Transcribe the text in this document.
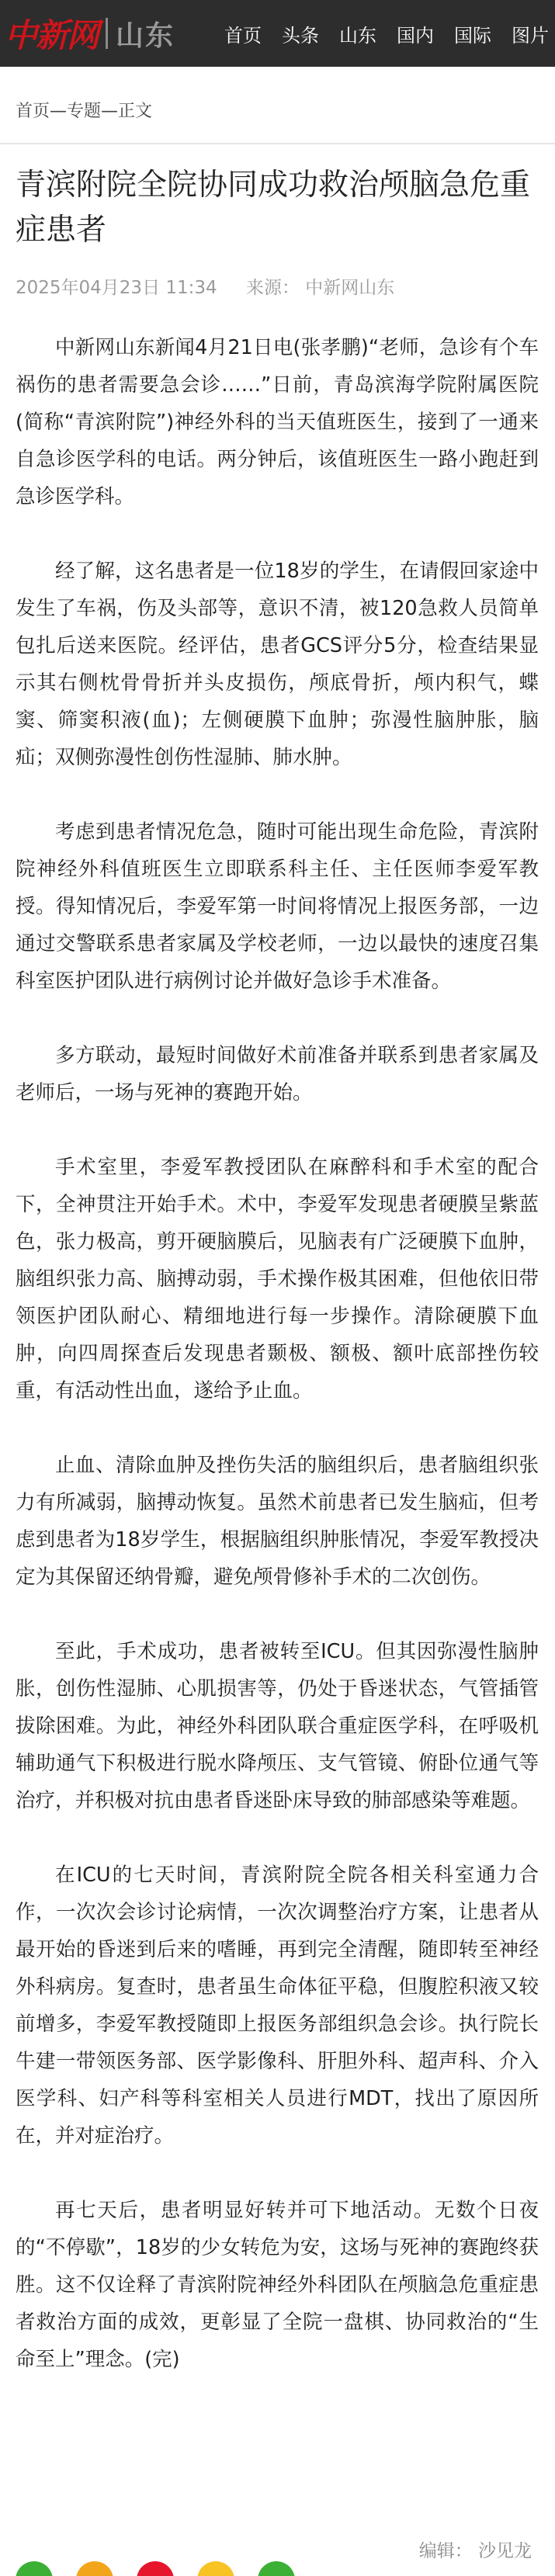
中新网 山东	首页 头条 山东 国内 国际 图片
首页—专题—正文
青滨附院全院协同成功救治颅脑急危重症患者
2025年04月23日 11:34 来源： 中新网山东

中新网山东新闻4月21日电(张孝鹏)“老师，急诊有个车祸伤的患者需要急会诊……”日前，青岛滨海学院附属医院(简称“青滨附院”)神经外科的当天值班医生，接到了一通来自急诊医学科的电话。两分钟后，该值班医生一路小跑赶到急诊医学科。

经了解，这名患者是一位18岁的学生，在请假回家途中发生了车祸，伤及头部等，意识不清，被120急救人员简单包扎后送来医院。经评估，患者GCS评分5分，检查结果显示其右侧枕骨骨折并头皮损伤，颅底骨折，颅内积气，蝶窦、筛窦积液(血)；左侧硬膜下血肿；弥漫性脑肿胀，脑疝；双侧弥漫性创伤性湿肺、肺水肿。

考虑到患者情况危急，随时可能出现生命危险，青滨附院神经外科值班医生立即联系科主任、主任医师李爱军教授。得知情况后，李爱军第一时间将情况上报医务部，一边通过交警联系患者家属及学校老师，一边以最快的速度召集科室医护团队进行病例讨论并做好急诊手术准备。

多方联动，最短时间做好术前准备并联系到患者家属及老师后，一场与死神的赛跑开始。

手术室里，李爱军教授团队在麻醉科和手术室的配合下，全神贯注开始手术。术中，李爱军发现患者硬膜呈紫蓝色，张力极高，剪开硬脑膜后，见脑表有广泛硬膜下血肿，脑组织张力高、脑搏动弱，手术操作极其困难，但他依旧带领医护团队耐心、精细地进行每一步操作。清除硬膜下血肿，向四周探查后发现患者颞极、额极、额叶底部挫伤较重，有活动性出血，遂给予止血。

止血、清除血肿及挫伤失活的脑组织后，患者脑组织张力有所减弱，脑搏动恢复。虽然术前患者已发生脑疝，但考虑到患者为18岁学生，根据脑组织肿胀情况，李爱军教授决定为其保留还纳骨瓣，避免颅骨修补手术的二次创伤。

至此，手术成功，患者被转至ICU。但其因弥漫性脑肿胀，创伤性湿肺、心肌损害等，仍处于昏迷状态，气管插管拔除困难。为此，神经外科团队联合重症医学科，在呼吸机辅助通气下积极进行脱水降颅压、支气管镜、俯卧位通气等治疗，并积极对抗由患者昏迷卧床导致的肺部感染等难题。

在ICU的七天时间，青滨附院全院各相关科室通力合作，一次次会诊讨论病情，一次次调整治疗方案，让患者从最开始的昏迷到后来的嗜睡，再到完全清醒，随即转至神经外科病房。复查时，患者虽生命体征平稳，但腹腔积液又较前增多，李爱军教授随即上报医务部组织急会诊。执行院长牛建一带领医务部、医学影像科、肝胆外科、超声科、介入医学科、妇产科等科室相关人员进行MDT，找出了原因所在，并对症治疗。

再七天后，患者明显好转并可下地活动。无数个日夜的“不停歇”，18岁的少女转危为安，这场与死神的赛跑终获胜。这不仅诠释了青滨附院神经外科团队在颅脑急危重症患者救治方面的成效，更彰显了全院一盘棋、协同救治的“生命至上”理念。(完)

编辑： 沙见龙
